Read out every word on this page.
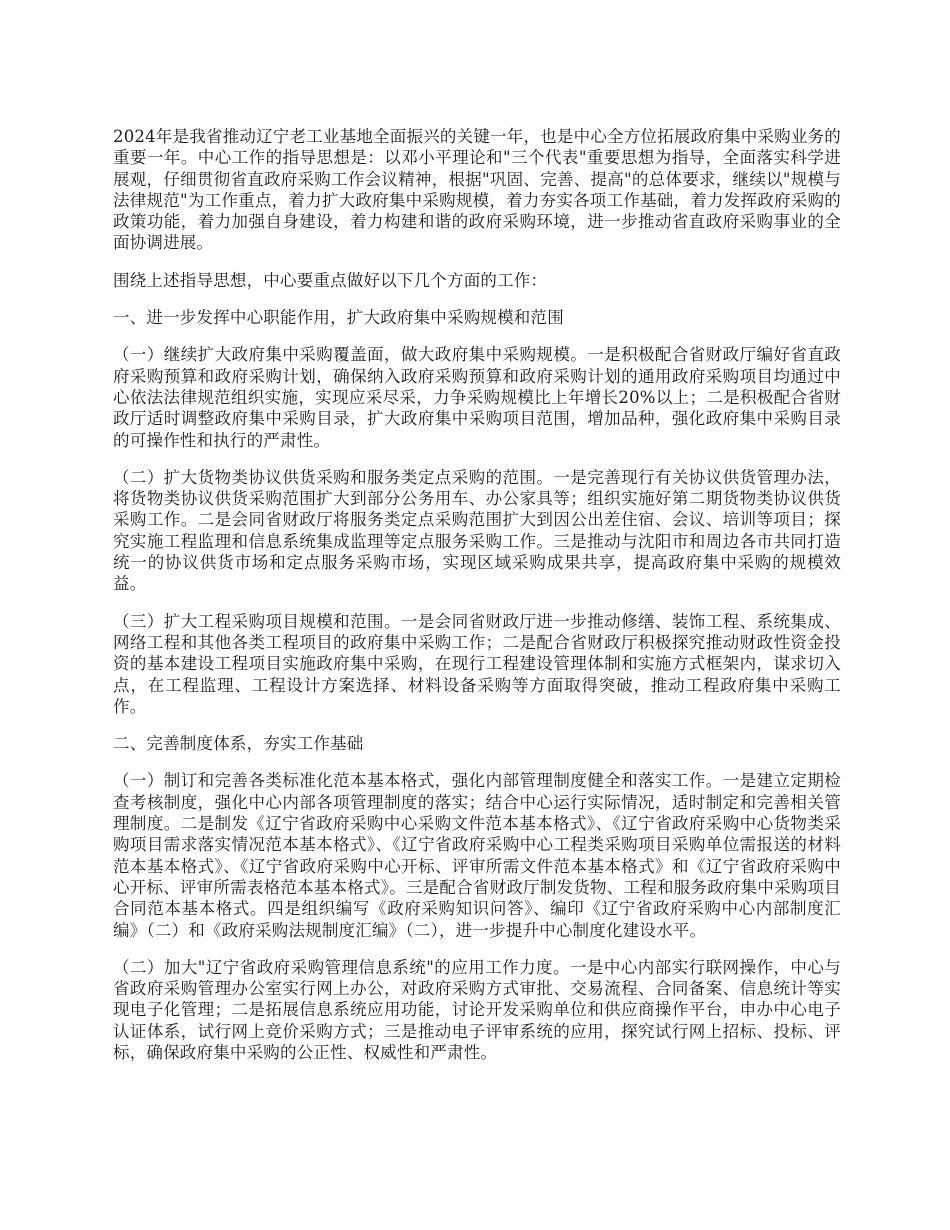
2024年是我省推动辽宁老工业基地全面振兴的关键一年，也是中心全方位拓展政府集中采购业务的重要一年。中心工作的指导思想是：以邓小平理论和"三个代表"重要思想为指导，全面落实科学进展观，仔细贯彻省直政府采购工作会议精神，根据"巩固、完善、提高"的总体要求，继续以"规模与法律规范"为工作重点，着力扩大政府集中采购规模，着力夯实各项工作基础，着力发挥政府采购的政策功能，着力加强自身建设，着力构建和谐的政府采购环境，进一步推动省直政府采购事业的全面协调进展。

围绕上述指导思想，中心要重点做好以下几个方面的工作：

一、进一步发挥中心职能作用，扩大政府集中采购规模和范围

（一）继续扩大政府集中采购覆盖面，做大政府集中采购规模。一是积极配合省财政厅编好省直政府采购预算和政府采购计划，确保纳入政府采购预算和政府采购计划的通用政府采购项目均通过中心依法法律规范组织实施，实现应采尽采，力争采购规模比上年增长20%以上；二是积极配合省财政厅适时调整政府集中采购目录，扩大政府集中采购项目范围，增加品种，强化政府集中采购目录的可操作性和执行的严肃性。

（二）扩大货物类协议供货采购和服务类定点采购的范围。一是完善现行有关协议供货管理办法，将货物类协议供货采购范围扩大到部分公务用车、办公家具等；组织实施好第二期货物类协议供货采购工作。二是会同省财政厅将服务类定点采购范围扩大到因公出差住宿、会议、培训等项目；探究实施工程监理和信息系统集成监理等定点服务采购工作。三是推动与沈阳市和周边各市共同打造统一的协议供货市场和定点服务采购市场，实现区域采购成果共享，提高政府集中采购的规模效益。

（三）扩大工程采购项目规模和范围。一是会同省财政厅进一步推动修缮、装饰工程、系统集成、网络工程和其他各类工程项目的政府集中采购工作；二是配合省财政厅积极探究推动财政性资金投资的基本建设工程项目实施政府集中采购，在现行工程建设管理体制和实施方式框架内，谋求切入点，在工程监理、工程设计方案选择、材料设备采购等方面取得突破，推动工程政府集中采购工作。

二、完善制度体系，夯实工作基础

（一）制订和完善各类标准化范本基本格式，强化内部管理制度健全和落实工作。一是建立定期检查考核制度，强化中心内部各项管理制度的落实；结合中心运行实际情况，适时制定和完善相关管理制度。二是制发《辽宁省政府采购中心采购文件范本基本格式》、《辽宁省政府采购中心货物类采购项目需求落实情况范本基本格式》、《辽宁省政府采购中心工程类采购项目采购单位需报送的材料范本基本格式》、《辽宁省政府采购中心开标、评审所需文件范本基本格式》和《辽宁省政府采购中心开标、评审所需表格范本基本格式》。三是配合省财政厅制发货物、工程和服务政府集中采购项目合同范本基本格式。四是组织编写《政府采购知识问答》、编印《辽宁省政府采购中心内部制度汇编》（二）和《政府采购法规制度汇编》（二），进一步提升中心制度化建设水平。

（二）加大"辽宁省政府采购管理信息系统"的应用工作力度。一是中心内部实行联网操作，中心与省政府采购管理办公室实行网上办公，对政府采购方式审批、交易流程、合同备案、信息统计等实现电子化管理；二是拓展信息系统应用功能，讨论开发采购单位和供应商操作平台，申办中心电子认证体系，试行网上竞价采购方式；三是推动电子评审系统的应用，探究试行网上招标、投标、评标，确保政府集中采购的公正性、权威性和严肃性。
